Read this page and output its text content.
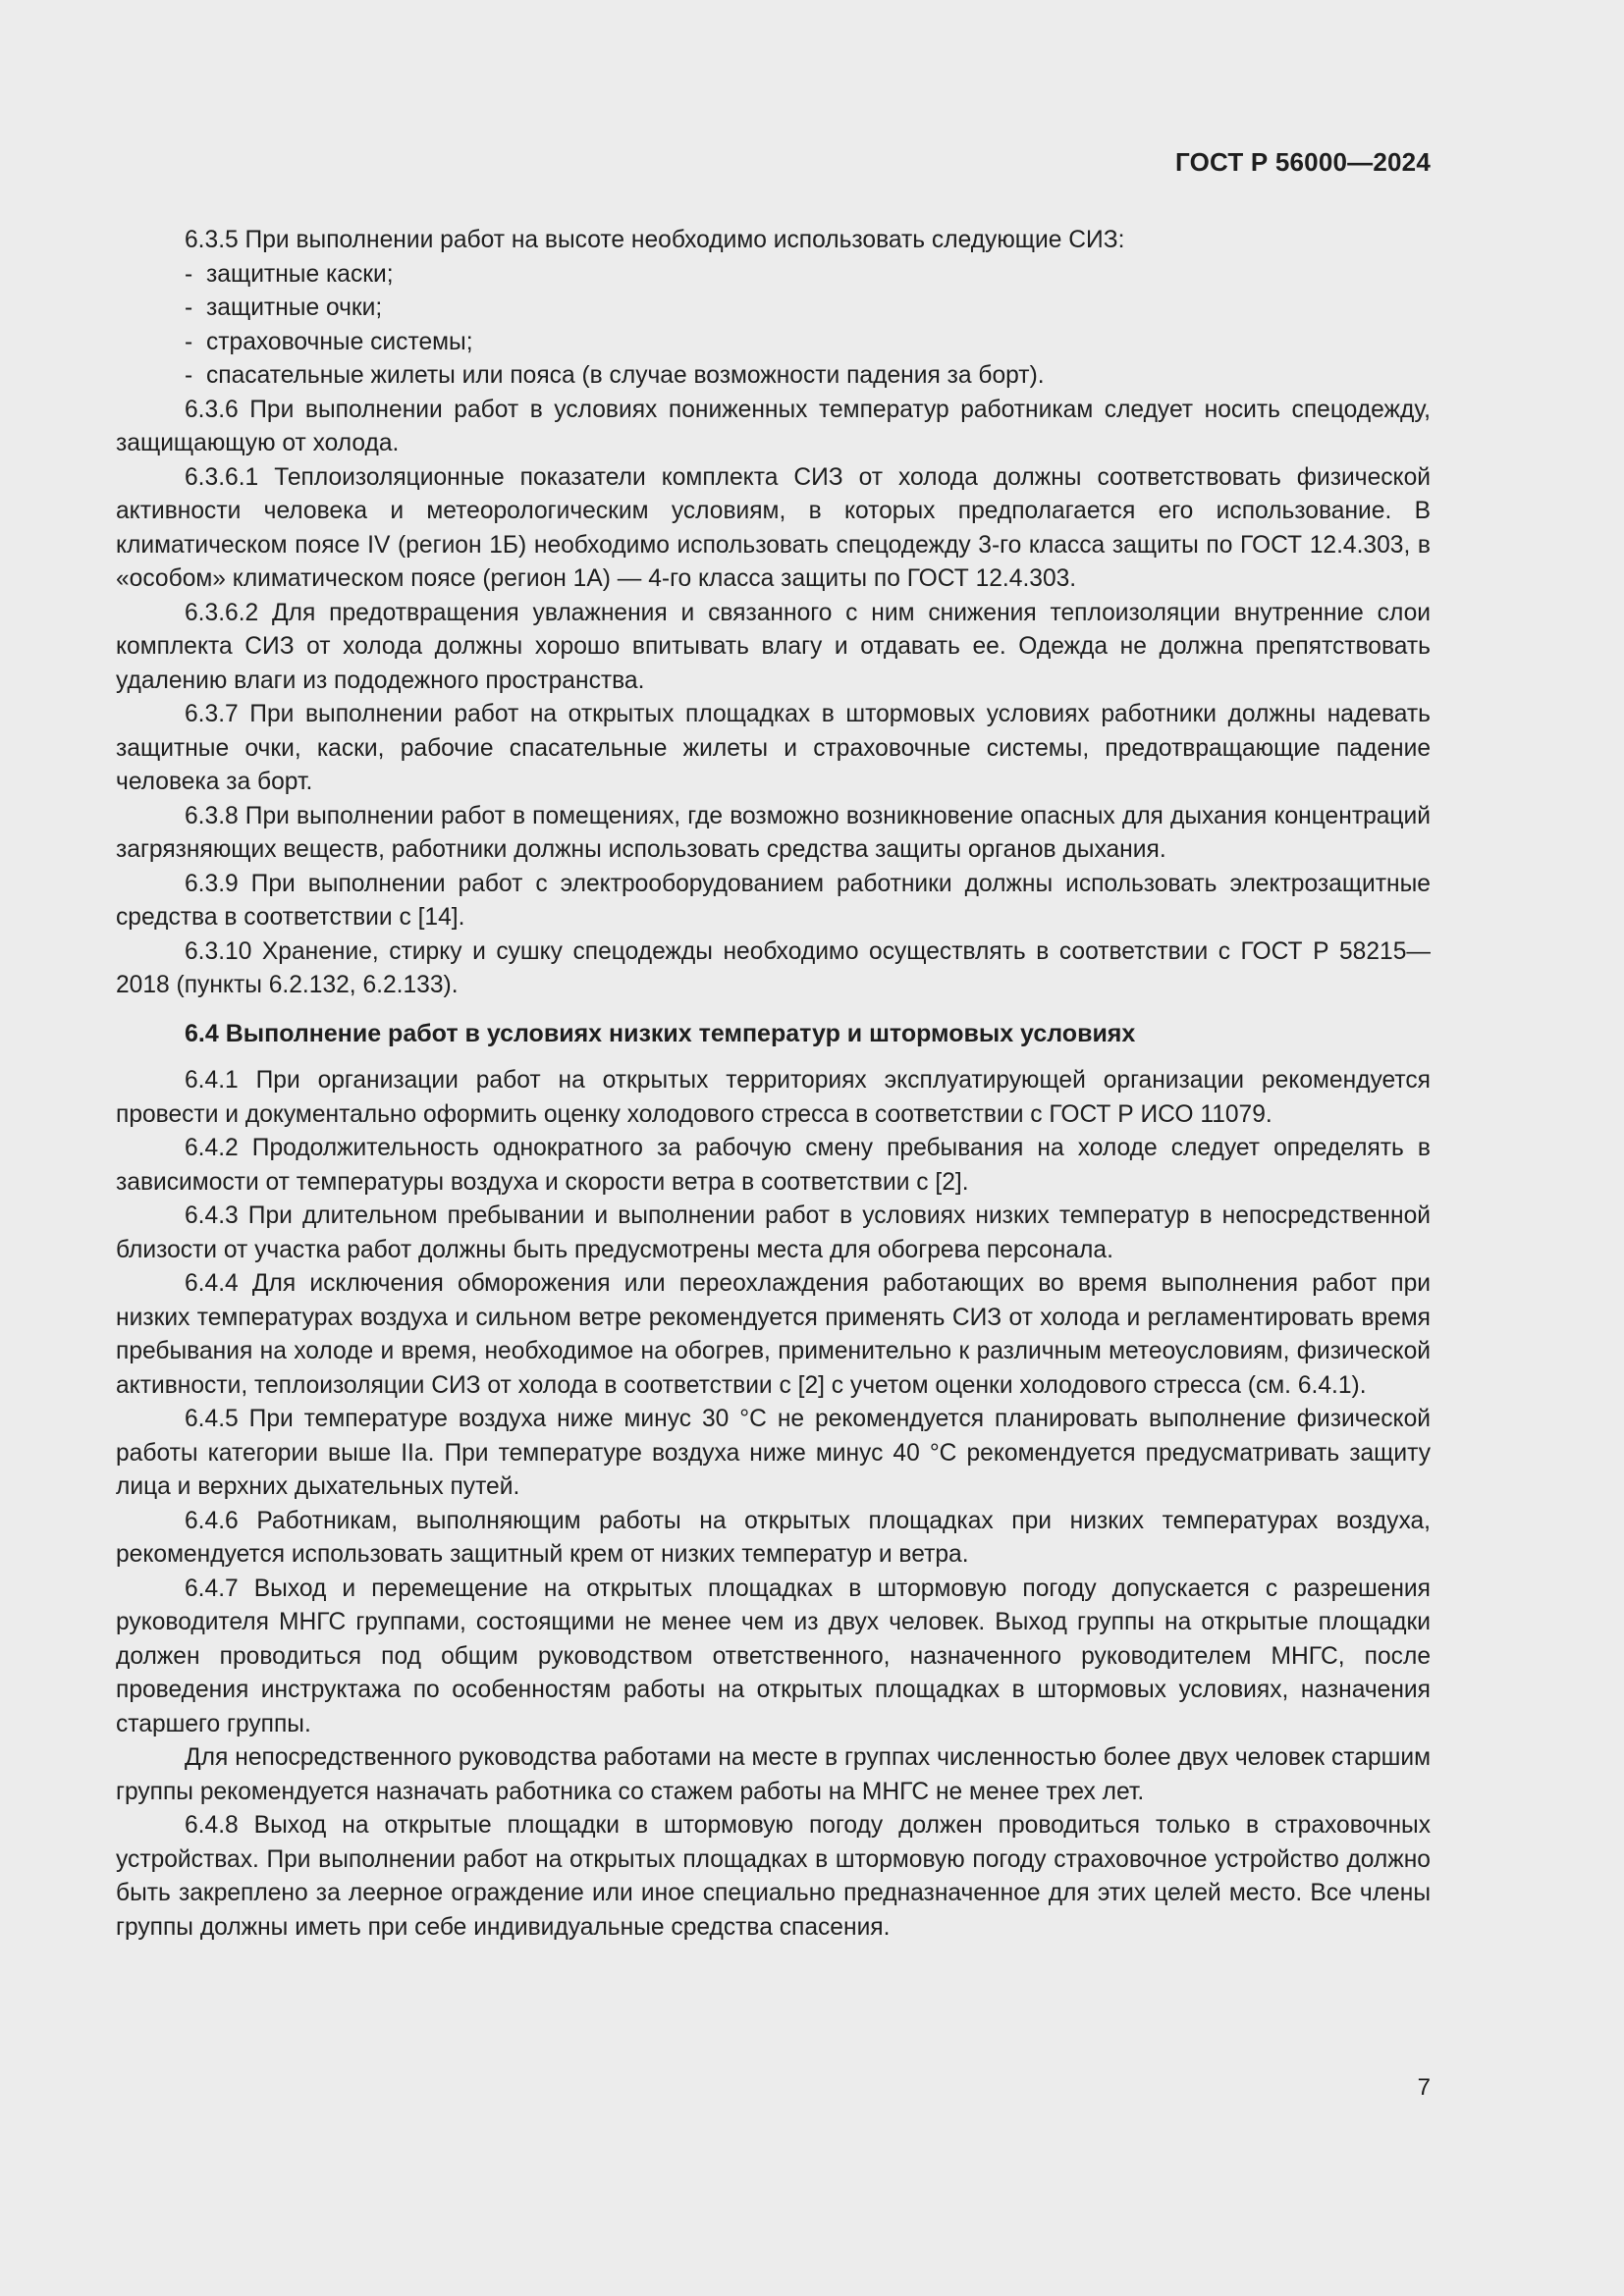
ГОСТ Р 56000—2024

6.3.5 При выполнении работ на высоте необходимо использовать следующие СИЗ:

- защитные каски;

- защитные очки;

- страховочные системы;

- спасательные жилеты или пояса (в случае возможности падения за борт).

6.3.6 При выполнении работ в условиях пониженных температур работникам следует носить спецодежду, защищающую от холода.

6.3.6.1 Теплоизоляционные показатели комплекта СИЗ от холода должны соответствовать физической активности человека и метеорологическим условиям, в которых предполагается его использование. В климатическом поясе IV (регион 1Б) необходимо использовать спецодежду 3-го класса защиты по ГОСТ 12.4.303, в «особом» климатическом поясе (регион 1А) — 4-го класса защиты по ГОСТ 12.4.303.

6.3.6.2 Для предотвращения увлажнения и связанного с ним снижения теплоизоляции внутренние слои комплекта СИЗ от холода должны хорошо впитывать влагу и отдавать ее. Одежда не должна препятствовать удалению влаги из пододежного пространства.

6.3.7 При выполнении работ на открытых площадках в штормовых условиях работники должны надевать защитные очки, каски, рабочие спасательные жилеты и страховочные системы, предотвращающие падение человека за борт.

6.3.8 При выполнении работ в помещениях, где возможно возникновение опасных для дыхания концентраций загрязняющих веществ, работники должны использовать средства защиты органов дыхания.

6.3.9 При выполнении работ с электрооборудованием работники должны использовать электрозащитные средства в соответствии с [14].

6.3.10 Хранение, стирку и сушку спецодежды необходимо осуществлять в соответствии с ГОСТ Р 58215—2018 (пункты 6.2.132, 6.2.133).

6.4 Выполнение работ в условиях низких температур и штормовых условиях

6.4.1 При организации работ на открытых территориях эксплуатирующей организации рекомендуется провести и документально оформить оценку холодового стресса в соответствии с ГОСТ Р ИСО 11079.

6.4.2 Продолжительность однократного за рабочую смену пребывания на холоде следует определять в зависимости от температуры воздуха и скорости ветра в соответствии с [2].

6.4.3 При длительном пребывании и выполнении работ в условиях низких температур в непосредственной близости от участка работ должны быть предусмотрены места для обогрева персонала.

6.4.4 Для исключения обморожения или переохлаждения работающих во время выполнения работ при низких температурах воздуха и сильном ветре рекомендуется применять СИЗ от холода и регламентировать время пребывания на холоде и время, необходимое на обогрев, применительно к различным метеоусловиям, физической активности, теплоизоляции СИЗ от холода в соответствии с [2] с учетом оценки холодового стресса (см. 6.4.1).

6.4.5 При температуре воздуха ниже минус 30 °С не рекомендуется планировать выполнение физической работы категории выше IIa. При температуре воздуха ниже минус 40 °С рекомендуется предусматривать защиту лица и верхних дыхательных путей.

6.4.6 Работникам, выполняющим работы на открытых площадках при низких температурах воздуха, рекомендуется использовать защитный крем от низких температур и ветра.

6.4.7 Выход и перемещение на открытых площадках в штормовую погоду допускается с разрешения руководителя МНГС группами, состоящими не менее чем из двух человек. Выход группы на открытые площадки должен проводиться под общим руководством ответственного, назначенного руководителем МНГС, после проведения инструктажа по особенностям работы на открытых площадках в штормовых условиях, назначения старшего группы.

Для непосредственного руководства работами на месте в группах численностью более двух человек старшим группы рекомендуется назначать работника со стажем работы на МНГС не менее трех лет.

6.4.8 Выход на открытые площадки в штормовую погоду должен проводиться только в страховочных устройствах. При выполнении работ на открытых площадках в штормовую погоду страховочное устройство должно быть закреплено за леерное ограждение или иное специально предназначенное для этих целей место. Все члены группы должны иметь при себе индивидуальные средства спасения.

7
